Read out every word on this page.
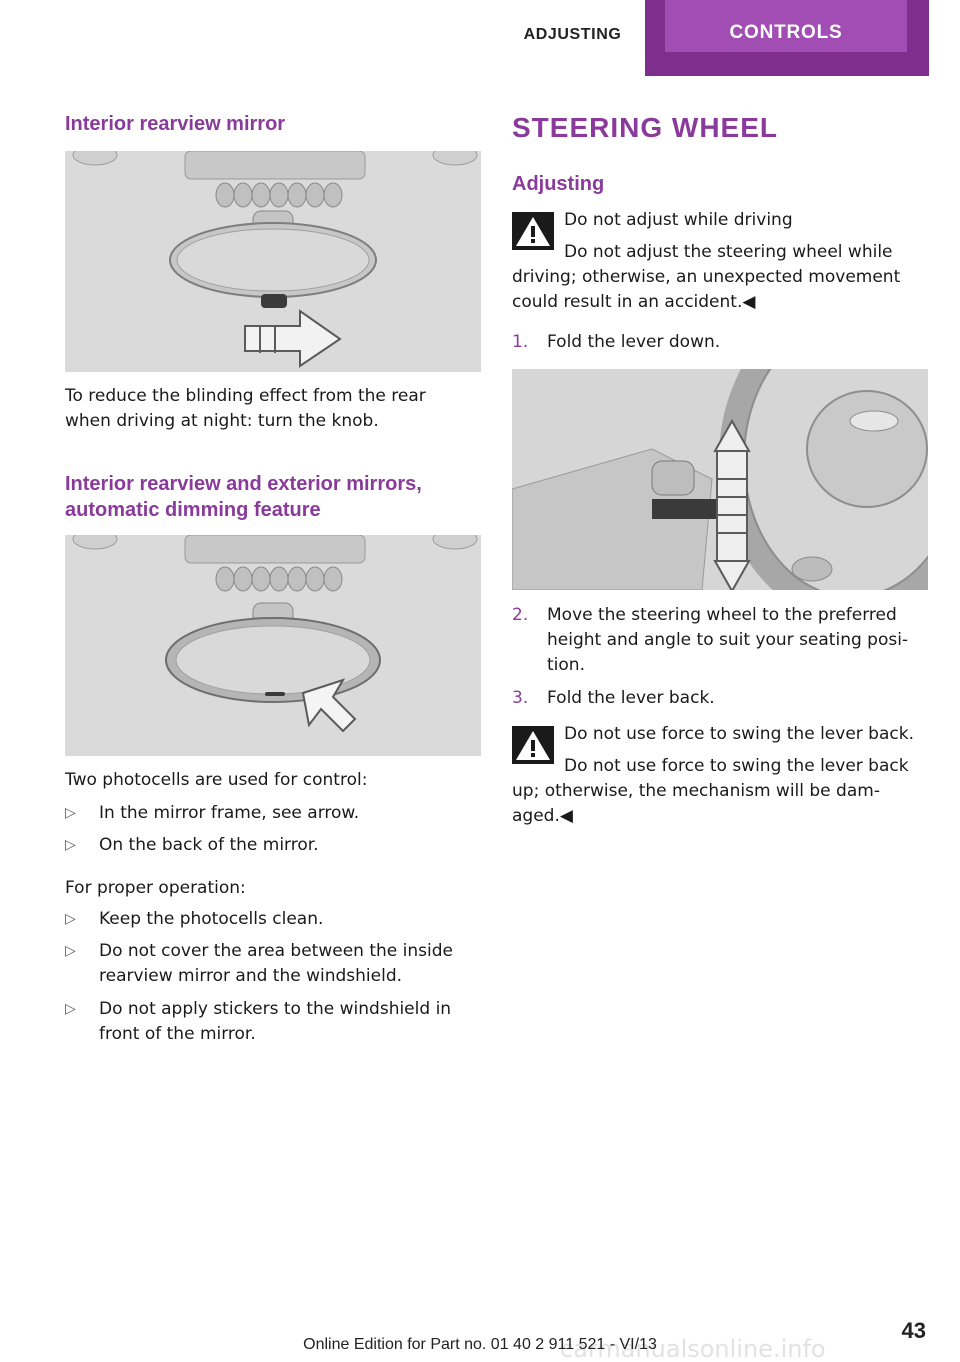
ADJUSTING	CONTROLS
Interior rearview mirror
To reduce the blinding effect from the rear
when driving at night: turn the knob.
Interior rearview and exterior mirrors,
automatic dimming feature
Two photocells are used for control:
▷ In the mirror frame, see arrow.
▷ On the back of the mirror.
For proper operation:
▷ Keep the photocells clean.
▷ Do not cover the area between the inside rearview mirror and the windshield.
▷ Do not apply stickers to the windshield in front of the mirror.
STEERING WHEEL
Adjusting
Do not adjust while driving
Do not adjust the steering wheel while
driving; otherwise, an unexpected movement
could result in an accident.◀
1. Fold the lever down.
2. Move the steering wheel to the preferred height and angle to suit your seating posi‐ tion.
3. Fold the lever back.
Do not use force to swing the lever back.
Do not use force to swing the lever back
up; otherwise, the mechanism will be dam‐
aged.◀
43
carmanualsonline.info
Online Edition for Part no. 01 40 2 911 521 - VI/13
